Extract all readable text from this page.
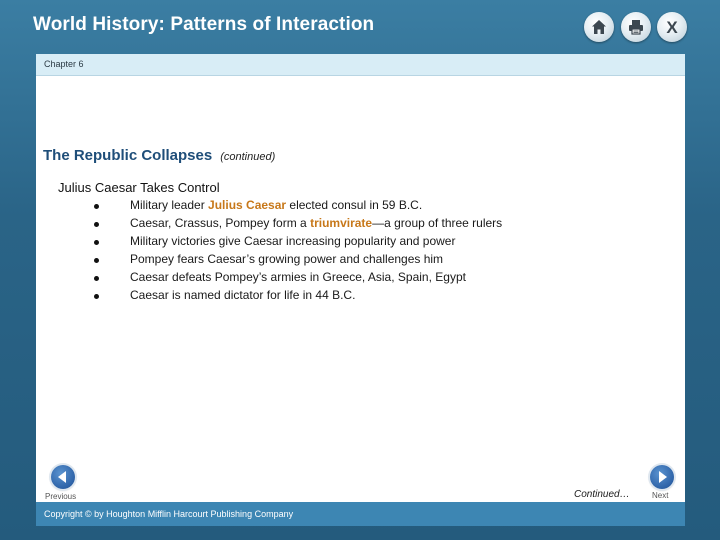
World History: Patterns of Interaction	X
Chapter 6
The Republic Collapses (continued)
Julius Caesar Takes Control
Military leader Julius Caesar elected consul in 59 B.C.
Caesar, Crassus, Pompey form a triumvirate—a group of three rulers
Military victories give Caesar increasing popularity and power
Pompey fears Caesar’s growing power and challenges him
Caesar defeats Pompey’s armies in Greece, Asia, Spain, Egypt
Caesar is named dictator for life in 44 B.C.
Previous	Continued…	Next
Copyright © by Houghton Mifflin Harcourt Publishing Company
